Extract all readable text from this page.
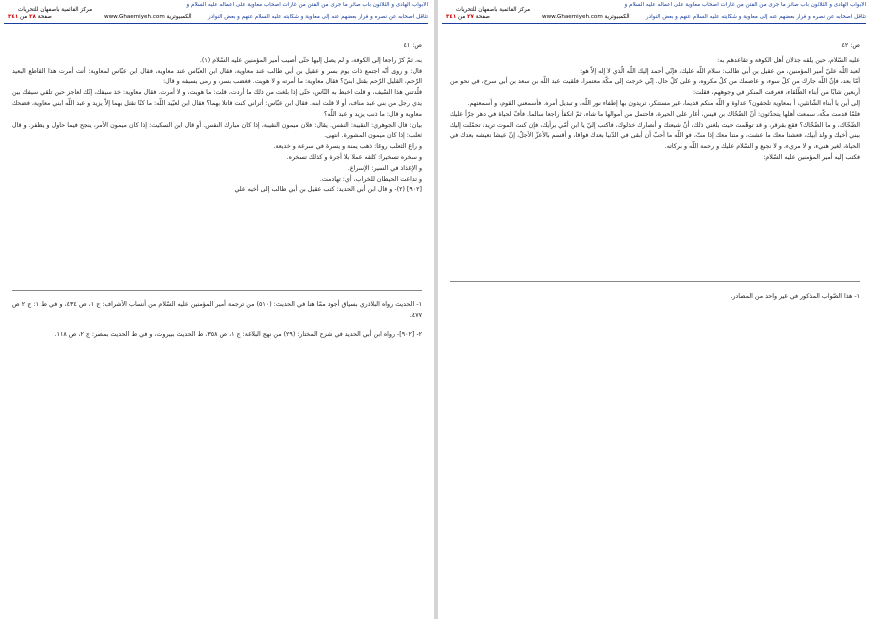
الأبواب الهادى و الثلاثون باب صائر ما جرى من الفتن من غارات أصحاب معاوية على أعماله عليه السلام و
تثاقل أصحابه عن نصره و فرار بعضهم عنه إلى معاوية و شكايته عليه السلام عنهم و بعض النوادر
مركز القائمية باصفهان للتحريات
www.Ghaemiyeh.com الكمبيوترية
صفحة ٢٨ من ٣٤١

ص: ٤١

به، ثمّ كرّ راجعا إلى الكوفة، و لم يصل إليها حتّى أصيب أمير المؤمنين عليه السّلام (١).

قال: و روى أنّه اجتمع ذات يوم بسر و عقيل بن أبي طالب عند معاوية، فقال ابن العبّاس عند معاوية، فقال ابن عبّاس لمعاوية: أتت أمرت هذا القاطع البعيد الرّحم، القليل الرّحم بقتل ابنيّ؟ فقال معاوية: ما أمرته و لا هويت. فغضب بسر، و رمى بسيفه و قال:

قلّدتني هذا السّيف، و قلت اخبط به النّاس، حتّى إذا بلغت من ذلك ما أردت، قلت: ما هويت، و لا أمرت. فقال معاوية: خذ سيفك، إنّك لعاجز حين تلقي سيفك بين يدي رجل من بني عبد مناف، أو لا قلت ابنه. فقال ابن عبّاس: أتراني كنت قاتلا بهما؟ فقال ابن لعيّيد اللّه: ما كنّا نقتل بهما إلاّ يزيد و عبد اللّه ابني معاوية، فضحك معاوية و قال: ما ذنب يزيد و عبد اللّه؟

بيان: قال الجوهري: النقيبة: النفس. يقال: فلان ميمون النقيبة، إذا كان مبارك النفس. أو قال ابن السكيت: إذا كان ميمون الأمر، ينجح فيما حاول و يظفر. و قال ثعلب: إذا كان ميمون المشورة. انتهى.

و راغ الثعلب روغا: ذهب يمنة و يسرة في سرعة و خديعة.

و سخره تسخيرا: كلفه عملا بلا أجرة و كذلك تسخره.

و الإغذاذ في السير: الإسراع.

و تداعت الحيطان للخراب، أي: تهادمت.

[٩٠٢] (٢)- و قال ابن أبي الحديد: كتب عقيل بن أبي طالب إلى أخيه علي

١- الحديث رواه البلاذري بسياق أجود ممّا هنا في الحديث: (٥١٠) من ترجمة أمير المؤمنين عليه السّلام من أنساب الأشراف: ج ١، ص ٤٣٤، و في ط ١: ج ٢ ص ٤٧٧.

٢- [٩٠٢]- رواه ابن أبي الحديد في شرح المختار: (٢٩) من نهج البلاغة: ج ١، ص ٣٥٨، ط الحديث ببيروت، و في ط الحديث بمصر: ج ٢، ص ١١٨.

الأبواب الهادى و الثلاثون باب صائر ما جرى من الفتن من غارات أصحاب معاوية على أعماله عليه السلام و
تثاقل أصحابه عن نصره و فرار بعضهم عنه إلى معاوية و شكايته عليه السلام عنهم و بعض النوادر
مركز القائمية باصفهان للتحريات
www.Ghaemiyeh.com الكمبيوترية
صفحة ٢٧ من ٣٤١

ص: ٤٢

عليه السّلام، حين يلقه جذلان أهل الكوفة و تقاعدهم به:

لعبد اللّه عليّ أمير المؤمنين، من عقيل بن أبي طالب: سلام اللّه عليك، فإنّي أحمد إليك اللّه الّذي لا إله إلاّ هو:

أمّا بعد، فإنّ اللّه جارك من كلّ سوء، و عاصمك من كلّ مكروه، و على كلّ حال. إنّي خرجت إلى مكّة معتمرا، فلقيت عبد اللّه بن سعد بن أبي سرح، في نحو من أربعين شابّا من أبناء الطّلقاء، فعرفت المنكر في وجوههم، فقلت:

إلى أين يا أبناء الشّانئين، أ بمعاوية تلحقون؟ عداوة و اللّه منكم قديما، غير مستنكر، تريدون بها إطفاء نور اللّه، و تبديل أمره. فأسمعني القوم، و أسمعتهم.

فلمّا قدمت مكّة، سمعت أهلها يتحدّثون: أنّ الضّحّاك بن قيس، أغار على الحيرة، فاحتمل من أموالها ما شاء، ثمّ انكفأ راجعا سالما. فأفّ لحياة في دهر جرّأ عليك الضّحّاك، و ما الضّحّاك؟ فقع بقرقر، و قد توهّمت حيث بلغني ذلك، أنّ شيعتك و أنصارك خذلوك، فاكتب إليّ يا ابن أمّي برأيك، فإن كنت الموت تريد، تحمّلت إليك ببني أخيك و ولد أبيك، فعشنا معك ما عشت، و متنا معك إذا متّ، فو اللّه ما أحبّ أن أبقى في الدّنيا بعدك فواقا، و أقسم بالأعزّ الأجلّ، إنّ عيشا نعيشه بعدك في الحياة، لغير هنيء، و لا مريء، و لا نجيع و السّلام عليك و رحمة اللّه و بركاته.

فكتب إليه أمير المؤمنين عليه السّلام:

١- هذا الصّواب المذكور في غير واحد من المصادر.
